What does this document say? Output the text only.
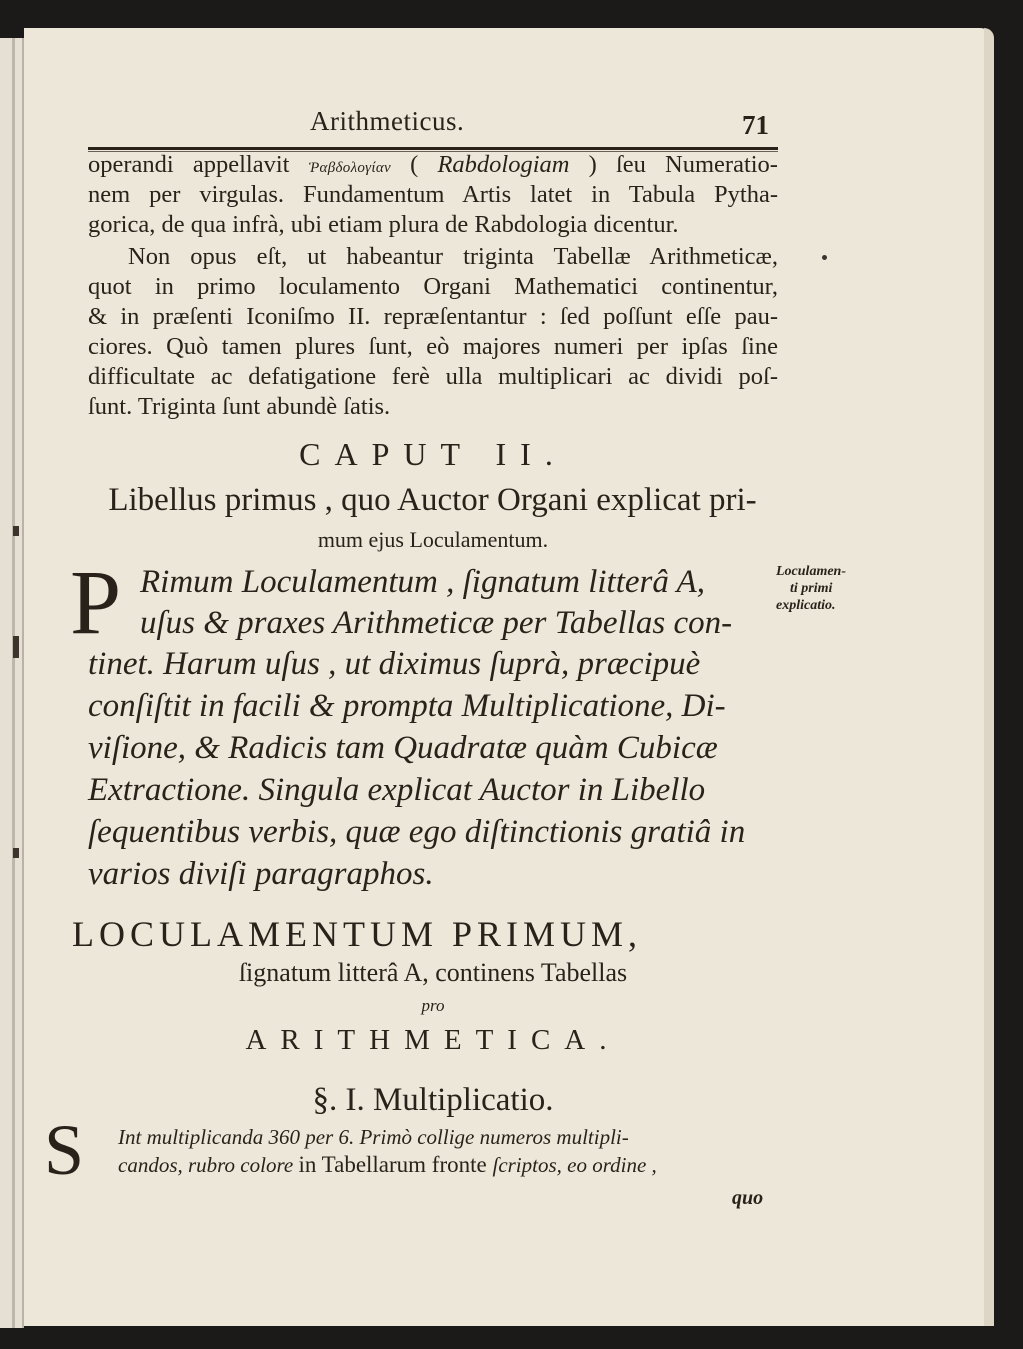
Arithmeticus.	71
operandi appellavit Ῥαβδολογίαν ( Rabdologiam ) ſeu Numeratio-
nem per virgulas. Fundamentum Artis latet in Tabula Pytha-
gorica, de qua infrà, ubi etiam plura de Rabdologia dicentur.
Non opus eſt, ut habeantur triginta Tabellæ Arithmeticæ,
quot in primo loculamento Organi Mathematici continentur,
& in præſenti Iconiſmo II. repræſentantur : ſed poſſunt eſſe pau-
ciores. Quò tamen plures ſunt, eò majores numeri per ipſas ſine
difficultate ac defatigatione ferè ulla multiplicari ac dividi poſ-
ſunt. Triginta ſunt abundè ſatis.
CAPUT II.
Libellus primus , quo Auctor Organi explicat pri-
mum ejus Loculamentum.
P Rimum Loculamentum , ſignatum litterâ A,
uſus & praxes Arithmeticæ per Tabellas con-
tinet. Harum uſus , ut diximus ſuprà, præcipuè
conſiſtit in facili & prompta Multiplicatione, Di-
viſione, & Radicis tam Quadratæ quàm Cubicæ
Extractione. Singula explicat Auctor in Libello
ſequentibus verbis, quæ ego diſtinctionis gratiâ in
varios diviſi paragraphos.
Loculamen-
ti primi
explicatio.
LOCULAMENTUM PRIMUM,
ſignatum litterâ A, continens Tabellas
pro
ARITHMETICA.
§. I. Multiplicatio.
S Int multiplicanda 360 per 6. Primò collige numeros multipli-
candos, rubro colore in Tabellarum fronte ſcriptos, eo ordine ,
quo
